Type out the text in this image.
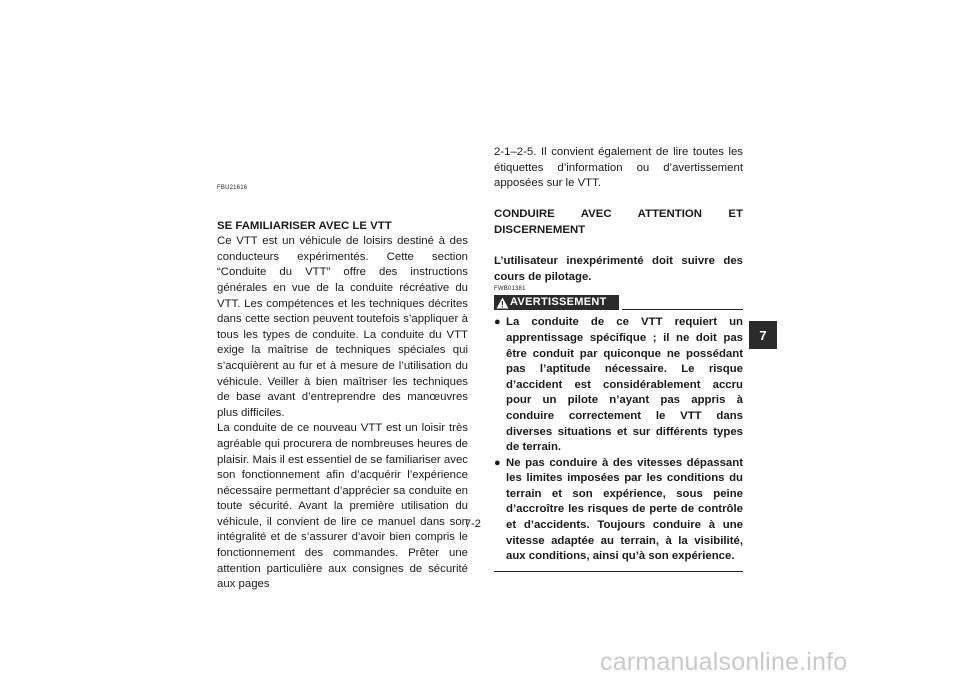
FBU21616

SE FAMILIARISER AVEC LE VTT

Ce VTT est un véhicule de loisirs destiné à des conducteurs expérimentés. Cette section “Conduite du VTT” offre des instructions générales en vue de la conduite récréative du VTT. Les compétences et les techniques décrites dans cette section peuvent toutefois s’appliquer à tous les types de conduite. La conduite du VTT exige la maîtrise de techniques spéciales qui s’acquièrent au fur et à mesure de l’utilisation du véhicule. Veiller à bien maîtriser les techniques de base avant d’entreprendre des manœuvres plus difficiles.

La conduite de ce nouveau VTT est un loisir très agréable qui procurera de nombreuses heures de plaisir. Mais il est essentiel de se familiariser avec son fonctionnement afin d’acquérir l’expérience nécessaire permettant d’apprécier sa conduite en toute sécurité. Avant la première utilisation du véhicule, il convient de lire ce manuel dans son intégralité et de s’assurer d’avoir bien compris le fonctionnement des commandes. Prêter une attention particulière aux consignes de sécurité aux pages

2-1–2-5. Il convient également de lire toutes les étiquettes d’information ou d’avertissement apposées sur le VTT.

CONDUIRE AVEC ATTENTION ET DISCERNEMENT

L’utilisateur inexpérimenté doit suivre des cours de pilotage.

FWB01381
! AVERTISSEMENT
● La conduite de ce VTT requiert un apprentissage spécifique ; il ne doit pas être conduit par quiconque ne possédant pas l’aptitude nécessaire. Le risque d’accident est considérablement accru pour un pilote n’ayant pas appris à conduire correctement le VTT dans diverses situations et sur différents types de terrain.
● Ne pas conduire à des vitesses dépassant les limites imposées par les conditions du terrain et son expérience, sous peine d’accroître les risques de perte de contrôle et d’accidents. Toujours conduire à une vitesse adaptée au terrain, à la visibilité, aux conditions, ainsi qu’à son expérience.
7
7-2
carmanualsonline.info
